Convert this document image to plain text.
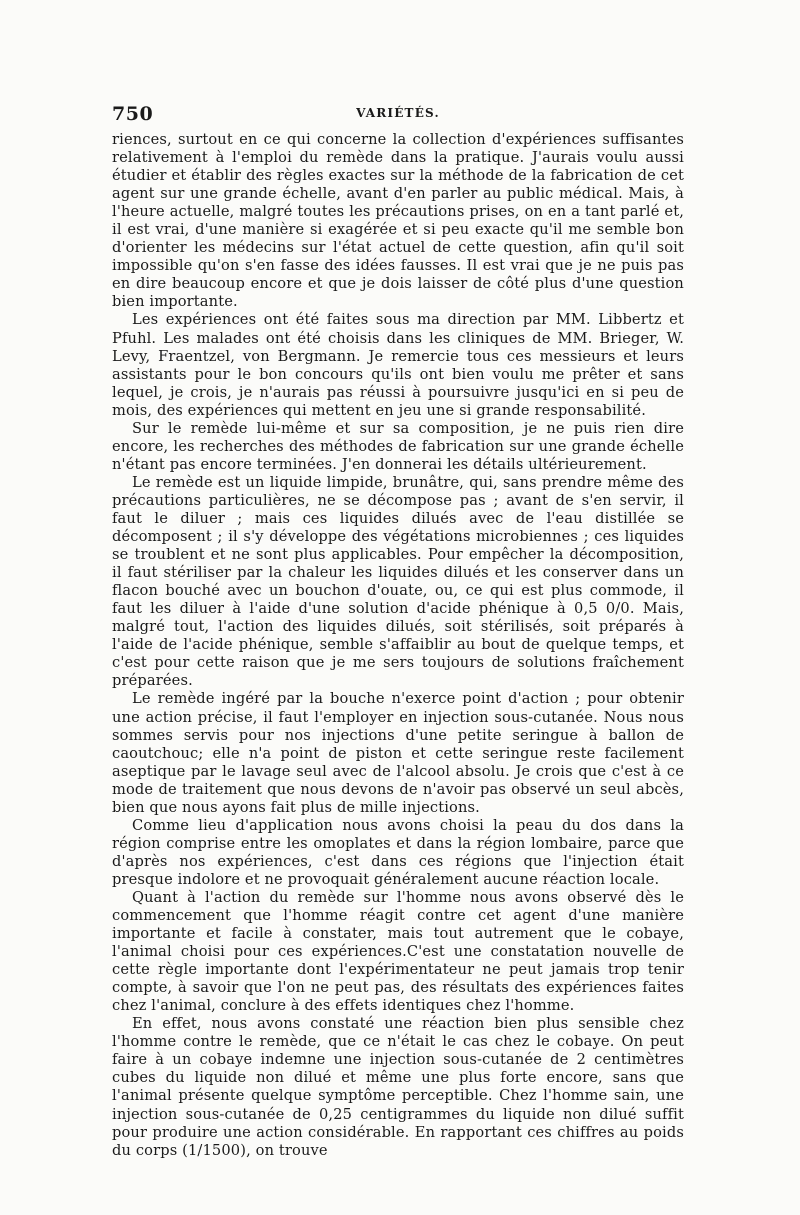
750	VARIÉTÉS.

riences, surtout en ce qui concerne la collection d'expériences suffisantes relativement à l'emploi du remède dans la pratique. J'aurais voulu aussi étudier et établir des règles exactes sur la méthode de la fabrication de cet agent sur une grande échelle, avant d'en parler au public médical. Mais, à l'heure actuelle, malgré toutes les précautions prises, on en a tant parlé et, il est vrai, d'une manière si exagérée et si peu exacte qu'il me semble bon d'orienter les médecins sur l'état actuel de cette question, afin qu'il soit impossible qu'on s'en fasse des idées fausses. Il est vrai que je ne puis pas en dire beaucoup encore et que je dois laisser de côté plus d'une question bien importante.

Les expériences ont été faites sous ma direction par MM. Libbertz et Pfuhl. Les malades ont été choisis dans les cliniques de MM. Brieger, W. Levy, Fraentzel, von Bergmann. Je remercie tous ces messieurs et leurs assistants pour le bon concours qu'ils ont bien voulu me prêter et sans lequel, je crois, je n'aurais pas réussi à poursuivre jusqu'ici en si peu de mois, des expériences qui mettent en jeu une si grande responsabilité.

Sur le remède lui-même et sur sa composition, je ne puis rien dire encore, les recherches des méthodes de fabrication sur une grande échelle n'étant pas encore terminées. J'en donnerai les détails ultérieurement.

Le remède est un liquide limpide, brunâtre, qui, sans prendre même des précautions particulières, ne se décompose pas ; avant de s'en servir, il faut le diluer ; mais ces liquides dilués avec de l'eau distillée se décomposent ; il s'y développe des végétations microbiennes ; ces liquides se troublent et ne sont plus applicables. Pour empêcher la décomposition, il faut stériliser par la chaleur les liquides dilués et les conserver dans un flacon bouché avec un bouchon d'ouate, ou, ce qui est plus commode, il faut les diluer à l'aide d'une solution d'acide phénique à 0,5 0/0. Mais, malgré tout, l'action des liquides dilués, soit stérilisés, soit préparés à l'aide de l'acide phénique, semble s'affaiblir au bout de quelque temps, et c'est pour cette raison que je me sers toujours de solutions fraîchement préparées.

Le remède ingéré par la bouche n'exerce point d'action ; pour obtenir une action précise, il faut l'employer en injection sous-cutanée. Nous nous sommes servis pour nos injections d'une petite seringue à ballon de caoutchouc; elle n'a point de piston et cette seringue reste facilement aseptique par le lavage seul avec de l'alcool absolu. Je crois que c'est à ce mode de traitement que nous devons de n'avoir pas observé un seul abcès, bien que nous ayons fait plus de mille injections.

Comme lieu d'application nous avons choisi la peau du dos dans la région comprise entre les omoplates et dans la région lombaire, parce que d'après nos expériences, c'est dans ces régions que l'injection était presque indolore et ne provoquait généralement aucune réaction locale.

Quant à l'action du remède sur l'homme nous avons observé dès le commencement que l'homme réagit contre cet agent d'une manière importante et facile à constater, mais tout autrement que le cobaye, l'animal choisi pour ces expériences.C'est une constatation nouvelle de cette règle importante dont l'expérimentateur ne peut jamais trop tenir compte, à savoir que l'on ne peut pas, des résultats des expériences faites chez l'animal, conclure à des effets identiques chez l'homme.

En effet, nous avons constaté une réaction bien plus sensible chez l'homme contre le remède, que ce n'était le cas chez le cobaye. On peut faire à un cobaye indemne une injection sous-cutanée de 2 centimètres cubes du liquide non dilué et même une plus forte encore, sans que l'animal présente quelque symptôme perceptible. Chez l'homme sain, une injection sous-cutanée de 0,25 centigrammes du liquide non dilué suffit pour produire une action considérable. En rapportant ces chiffres au poids du corps (1/1500), on trouve
